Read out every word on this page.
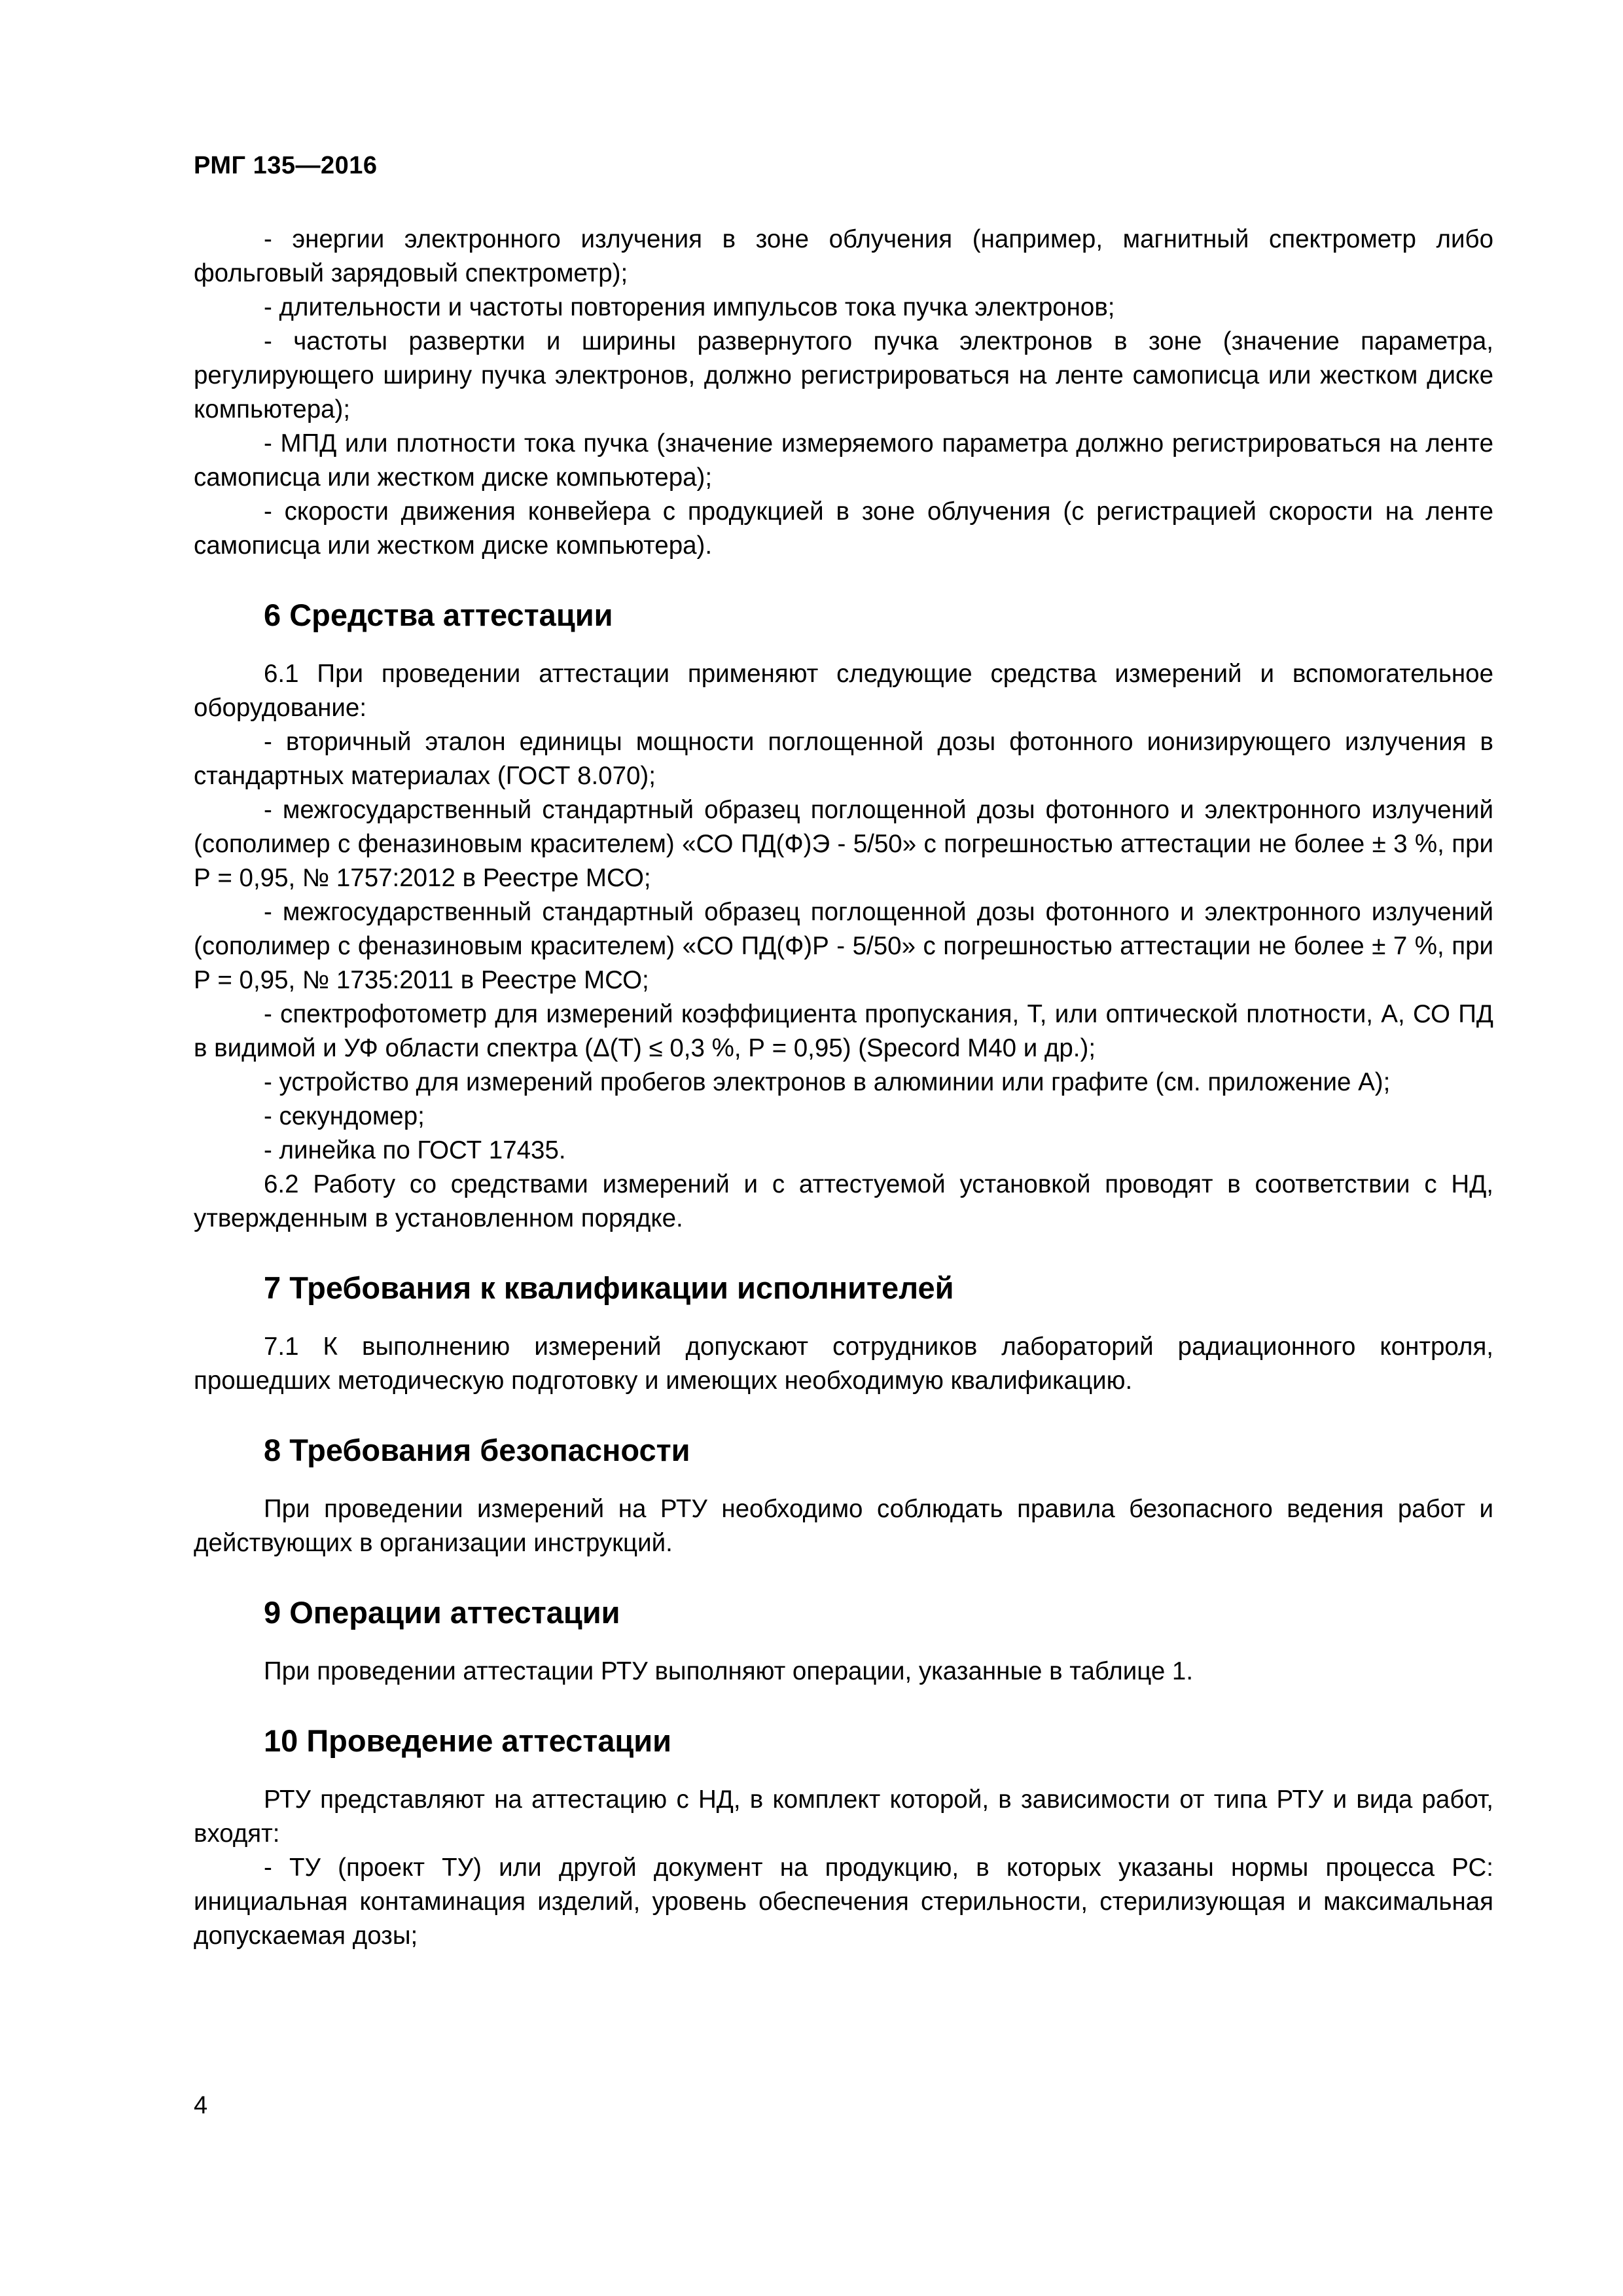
РМГ 135—2016

- энергии электронного излучения в зоне облучения (например, магнитный спектрометр либо фольговый зарядовый спектрометр);

- длительности и частоты повторения импульсов тока пучка электронов;

- частоты развертки и ширины развернутого пучка электронов в зоне (значение параметра, регулирующего ширину пучка электронов, должно регистрироваться на ленте самописца или жестком диске компьютера);

- МПД или плотности тока пучка (значение измеряемого параметра должно регистрироваться на ленте самописца или жестком диске компьютера);

- скорости движения конвейера с продукцией в зоне облучения (с регистрацией скорости на ленте самописца или жестком диске компьютера).

6 Средства аттестации

6.1 При проведении аттестации применяют следующие средства измерений и вспомогательное оборудование:

- вторичный эталон единицы мощности поглощенной дозы фотонного ионизирующего излучения в стандартных материалах (ГОСТ 8.070);

- межгосударственный стандартный образец поглощенной дозы фотонного и электронного излучений (сополимер с феназиновым красителем) «СО ПД(Ф)Э - 5/50» с погрешностью аттестации не более ± 3 %, при Р = 0,95, № 1757:2012 в Реестре МСО;

- межгосударственный стандартный образец поглощенной дозы фотонного и электронного излучений (сополимер с феназиновым красителем) «СО ПД(Ф)Р - 5/50» с погрешностью аттестации не более ± 7 %, при Р = 0,95, № 1735:2011 в Реестре МСО;

- спектрофотометр для измерений коэффициента пропускания, Т, или оптической плотности, А, СО ПД в видимой и УФ области спектра (Δ(Т) ≤ 0,3 %, Р = 0,95) (Specord М40 и др.);

- устройство для измерений пробегов электронов в алюминии или графите (см. приложение А);

- секундомер;

- линейка по ГОСТ 17435.

6.2 Работу со средствами измерений и с аттестуемой установкой проводят в соответствии с НД, утвержденным в установленном порядке.

7 Требования к квалификации исполнителей

7.1 К выполнению измерений допускают сотрудников лабораторий радиационного контроля, прошедших методическую подготовку и имеющих необходимую квалификацию.

8 Требования безопасности

При проведении измерений на РТУ необходимо соблюдать правила безопасного ведения работ и действующих в организации инструкций.

9 Операции аттестации

При проведении аттестации РТУ выполняют операции, указанные в таблице 1.

10 Проведение аттестации

РТУ представляют на аттестацию с НД, в комплект которой, в зависимости от типа РТУ и вида работ, входят:

- ТУ (проект ТУ) или другой документ на продукцию, в которых указаны нормы процесса РС: инициальная контаминация изделий, уровень обеспечения стерильности, стерилизующая и максимальная допускаемая дозы;

4
